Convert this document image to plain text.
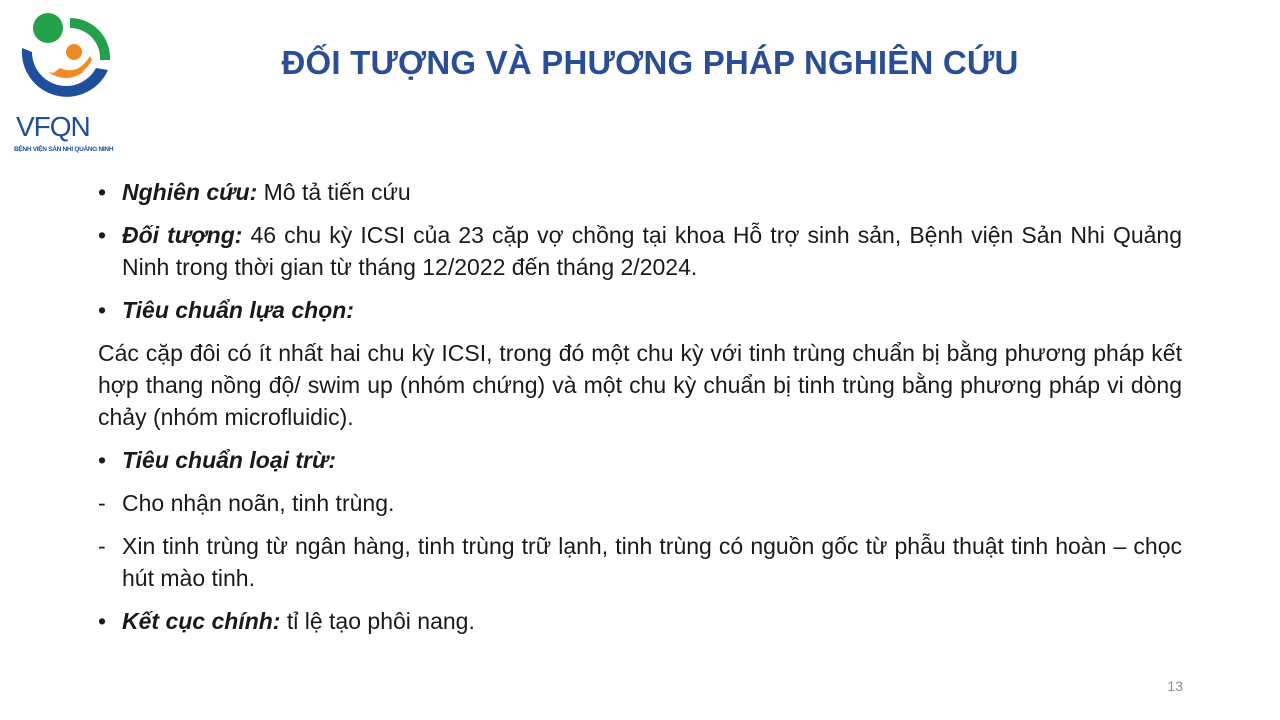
VFQN
BỆNH VIỆN SẢN NHI QUẢNG NINH
ĐỐI TƯỢNG VÀ PHƯƠNG PHÁP NGHIÊN CỨU
• Nghiên cứu: Mô tả tiến cứu
• Đối tượng: 46 chu kỳ ICSI của 23 cặp vợ chồng tại khoa Hỗ trợ sinh sản, Bệnh viện Sản Nhi Quảng Ninh trong thời gian từ tháng 12/2022 đến tháng 2/2024.
• Tiêu chuẩn lựa chọn:
Các cặp đôi có ít nhất hai chu kỳ ICSI, trong đó một chu kỳ với tinh trùng chuẩn bị bằng phương pháp kết hợp thang nồng độ/ swim up (nhóm chứng) và một chu kỳ chuẩn bị tinh trùng bằng phương pháp vi dòng chảy (nhóm microfluidic).
• Tiêu chuẩn loại trừ:
- Cho nhận noãn, tinh trùng.
- Xin tinh trùng từ ngân hàng, tinh trùng trữ lạnh, tinh trùng có nguồn gốc từ phẫu thuật tinh hoàn – chọc hút mào tinh.
• Kết cục chính: tỉ lệ tạo phôi nang.
13
